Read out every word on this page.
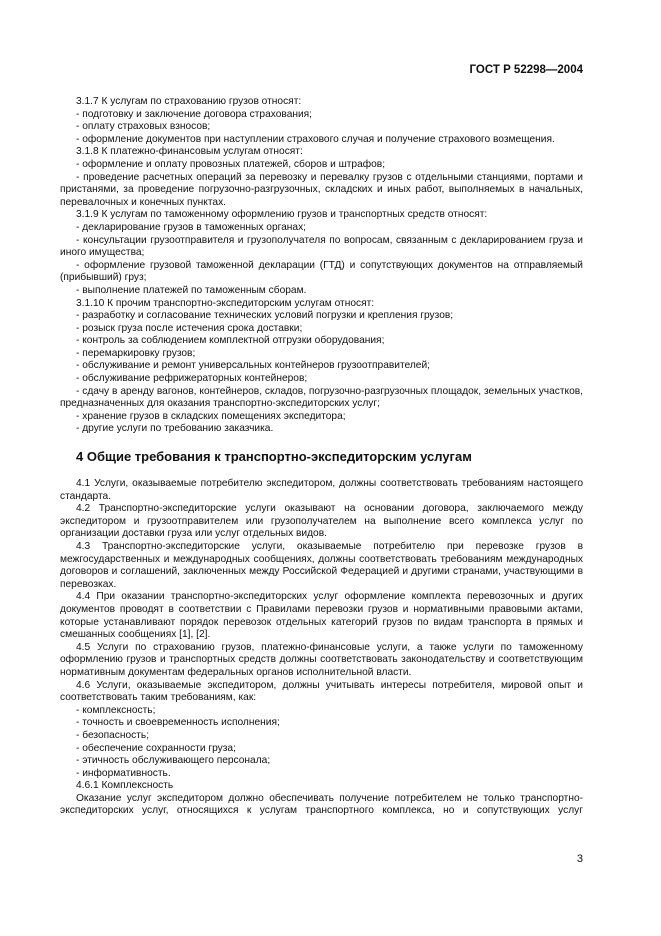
ГОСТ Р 52298—2004

3.1.7 К услугам по страхованию грузов относят:

- подготовку и заключение договора страхования;

- оплату страховых взносов;

- оформление документов при наступлении страхового случая и получение страхового возмещения.

3.1.8 К платежно-финансовым услугам относят:

- оформление и оплату провозных платежей, сборов и штрафов;

- проведение расчетных операций за перевозку и перевалку грузов с отдельными станциями, портами и пристанями, за проведение погрузочно-разгрузочных, складских и иных работ, выполняемых в начальных, перевалочных и конечных пунктах.

3.1.9 К услугам по таможенному оформлению грузов и транспортных средств относят:

- декларирование грузов в таможенных органах;

- консультации грузоотправителя и грузополучателя по вопросам, связанным с декларированием груза и иного имущества;

- оформление грузовой таможенной декларации (ГТД) и сопутствующих документов на отправляемый (прибывший) груз;

- выполнение платежей по таможенным сборам.

3.1.10 К прочим транспортно-экспедиторским услугам относят:

- разработку и согласование технических условий погрузки и крепления грузов;

- розыск груза после истечения срока доставки;

- контроль за соблюдением комплектной отгрузки оборудования;

- перемаркировку грузов;

- обслуживание и ремонт универсальных контейнеров грузоотправителей;

- обслуживание рефрижераторных контейнеров;

- сдачу в аренду вагонов, контейнеров, складов, погрузочно-разгрузочных площадок, земельных участков, предназначенных для оказания транспортно-экспедиторских услуг;

- хранение грузов в складских помещениях экспедитора;

- другие услуги по требованию заказчика.

4 Общие требования к транспортно-экспедиторским услугам

4.1 Услуги, оказываемые потребителю экспедитором, должны соответствовать требованиям настоящего стандарта.

4.2 Транспортно-экспедиторские услуги оказывают на основании договора, заключаемого между экспедитором и грузоотправителем или грузополучателем на выполнение всего комплекса услуг по организации доставки груза или услуг отдельных видов.

4.3 Транспортно-экспедиторские услуги, оказываемые потребителю при перевозке грузов в межгосударственных и международных сообщениях, должны соответствовать требованиям международных договоров и соглашений, заключенных между Российской Федерацией и другими странами, участвующими в перевозках.

4.4 При оказании транспортно-экспедиторских услуг оформление комплекта перевозочных и других документов проводят в соответствии с Правилами перевозки грузов и нормативными правовыми актами, которые устанавливают порядок перевозок отдельных категорий грузов по видам транспорта в прямых и смешанных сообщениях [1], [2].

4.5 Услуги по страхованию грузов, платежно-финансовые услуги, а также услуги по таможенному оформлению грузов и транспортных средств должны соответствовать законодательству и соответствующим нормативным документам федеральных органов исполнительной власти.

4.6 Услуги, оказываемые экспедитором, должны учитывать интересы потребителя, мировой опыт и соответствовать таким требованиям, как:

- комплексность;

- точность и своевременность исполнения;

- безопасность;

- обеспечение сохранности груза;

- этичность обслуживающего персонала;

- информативность.

4.6.1 Комплексность

Оказание услуг экспедитором должно обеспечивать получение потребителем не только транспортно-экспедиторских услуг, относящихся к услугам транспортного комплекса, но и сопутствующих услуг

3
